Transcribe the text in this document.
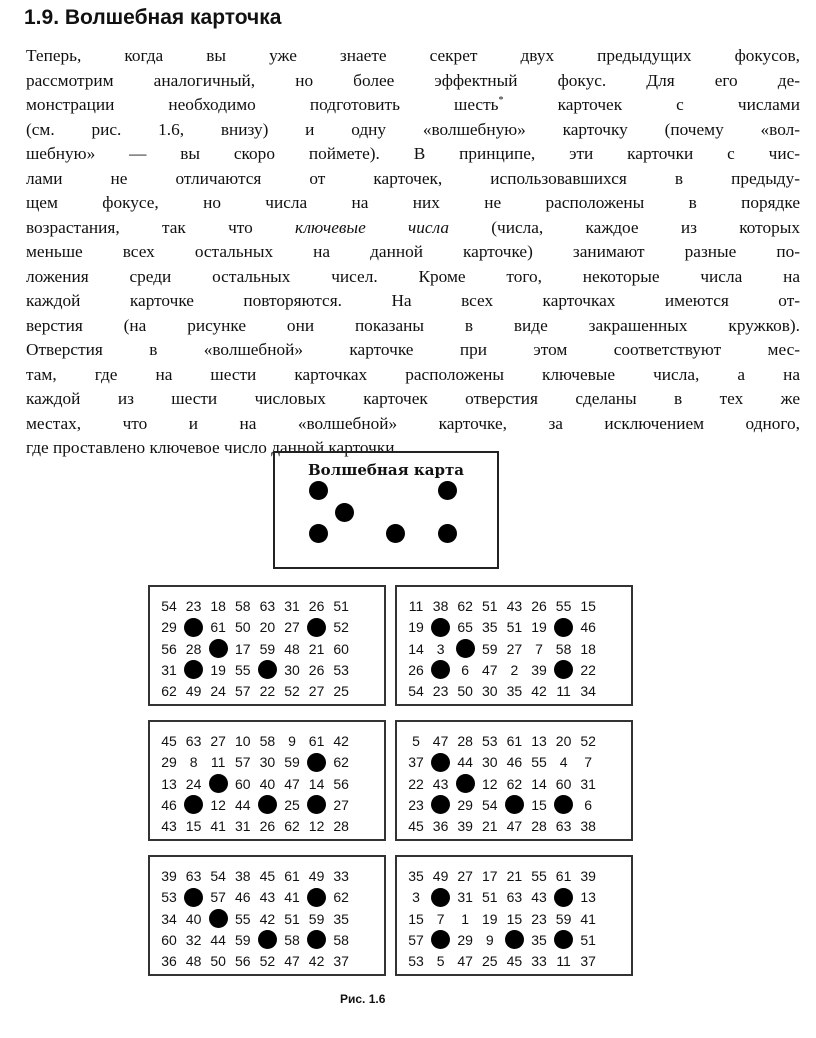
1.9. Волшебная карточка
Теперь, когда вы уже знаете секрет двух предыдущих фокусов,
рассмотрим аналогичный, но более эффектный фокус. Для его де-
монстрации необходимо подготовить шесть* карточек с числами
(см. рис. 1.6, внизу) и одну «волшебную» карточку (почему «вол-
шебную» — вы скоро поймете). В принципе, эти карточки с чис-
лами не отличаются от карточек, использовавшихся в предыду-
щем фокусе, но числа на них не расположены в порядке
возрастания, так что ключевые числа (числа, каждое из которых
меньше всех остальных на данной карточке) занимают разные по-
ложения среди остальных чисел. Кроме того, некоторые числа на
каждой карточке повторяются. На всех карточках имеются от-
верстия (на рисунке они показаны в виде закрашенных кружков).
Отверстия в «волшебной» карточке при этом соответствуют мес-
там, где на шести карточках расположены ключевые числа, а на
каждой из шести числовых карточек отверстия сделаны в тех же
местах, что и на «волшебной» карточке, за исключением одного,
где проставлено ключевое число данной карточки.
Волшебная карта
54 23 18 58 63 31 26 51
29	61 50 20 27	52
56 28	17 59 48 21 60
31	19 55	30 26 53
62 49 24 57 22 52 27 25
11 38 62 51 43 26 55 15
19	65 35 51 19	46
14 3	59 27 7 58 18
26	6 47 2 39	22
54 23 50 30 35 42 11 34
45 63 27 10 58 9 61 42
29 8 11 57 30 59	62
13 24	60 40 47 14 56
46	12 44	25	27
43 15 41 31 26 62 12 28
5 47 28 53 61 13 20 52
37	44 30 46 55 4	7
22 43	12 62 14 60 31
23	29 54	15	6
45 36 39 21 47 28 63 38
39 63 54 38 45 61 49 33
53	57 46 43 41	62
34 40	55 42 51 59 35
60 32 44 59	58	58
36 48 50 56 52 47 42 37
35 49 27 17 21 55 61 39
3	31 51 63 43	13
15 7	1 19 15 23 59 41
57	29 9	35	51
53 5 47 25 45 33 11 37
Рис. 1.6
